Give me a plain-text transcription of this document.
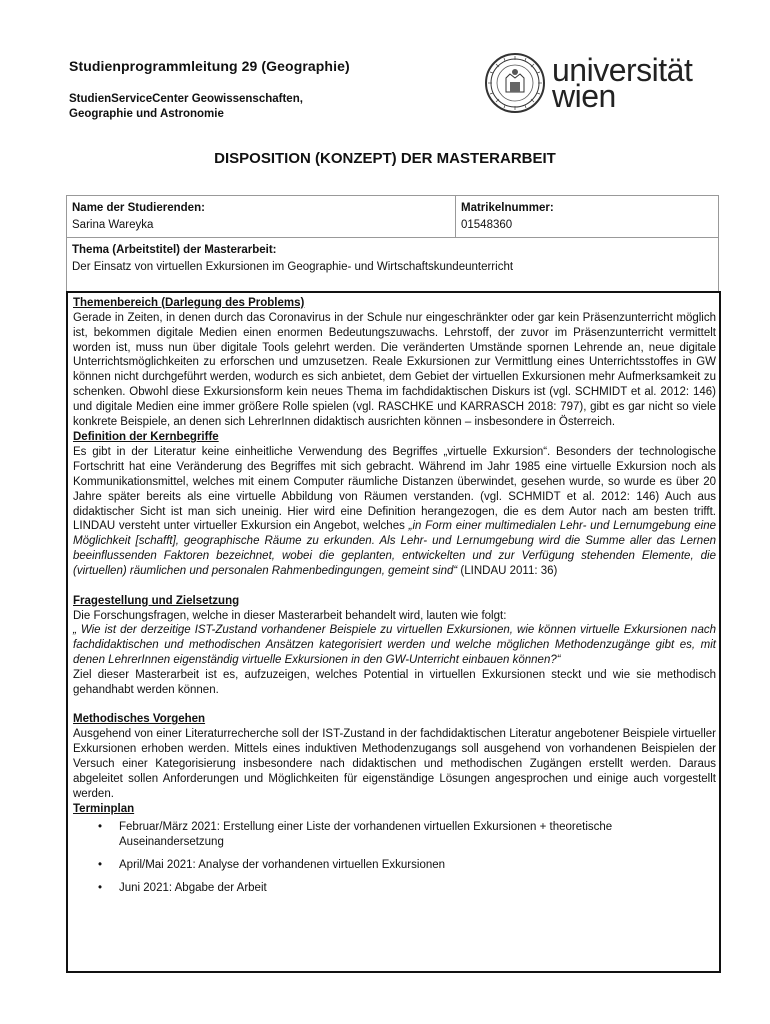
Studienprogrammleitung 29 (Geographie)
StudienServiceCenter Geowissenschaften,
Geographie und Astronomie
universität
wien
DISPOSITION (KONZEPT) DER MASTERARBEIT
Name der Studierenden:
Sarina Wareyka
Matrikelnummer:
01548360
Thema (Arbeitstitel) der Masterarbeit:
Der Einsatz von virtuellen Exkursionen im Geographie- und Wirtschaftskundeunterricht
Themenbereich (Darlegung des Problems)

Gerade in Zeiten, in denen durch das Coronavirus in der Schule nur eingeschränkter oder gar kein Präsenzunterricht möglich ist, bekommen digitale Medien einen enormen Bedeutungszuwachs. Lehrstoff, der zuvor im Präsenzunterricht vermittelt worden ist, muss nun über digitale Tools gelehrt werden. Die veränderten Umstände spornen Lehrende an, neue digitale Unterrichtsmöglichkeiten zu erforschen und umzusetzen. Reale Exkursionen zur Vermittlung eines Unterrichtsstoffes in GW können nicht durchgeführt werden, wodurch es sich anbietet, dem Gebiet der virtuellen Exkursionen mehr Aufmerksamkeit zu schenken. Obwohl diese Exkursionsform kein neues Thema im fachdidaktischen Diskurs ist (vgl. SCHMIDT et al. 2012: 146) und digitale Medien eine immer größere Rolle spielen (vgl. RASCHKE und KARRASCH 2018: 797), gibt es gar nicht so viele konkrete Beispiele, an denen sich LehrerInnen didaktisch ausrichten können – insbesondere in Österreich.

Definition der Kernbegriffe

Es gibt in der Literatur keine einheitliche Verwendung des Begriffes „virtuelle Exkursion“. Besonders der technologische Fortschritt hat eine Veränderung des Begriffes mit sich gebracht. Während im Jahr 1985 eine virtuelle Exkursion noch als Kommunikationsmittel, welches mit einem Computer räumliche Distanzen überwindet, gesehen wurde, so wurde es über 20 Jahre später bereits als eine virtuelle Abbildung von Räumen verstanden. (vgl. SCHMIDT et al. 2012: 146) Auch aus didaktischer Sicht ist man sich uneinig. Hier wird eine Definition herangezogen, die es dem Autor nach am besten trifft. LINDAU versteht unter virtueller Exkursion ein Angebot, welches „in Form einer multimedialen Lehr- und Lernumgebung eine Möglichkeit [schafft], geographische Räume zu erkunden. Als Lehr- und Lernumgebung wird die Summe aller das Lernen beeinflussenden Faktoren bezeichnet, wobei die geplanten, entwickelten und zur Verfügung stehenden Elemente, die (virtuellen) räumlichen und personalen Rahmenbedingungen, gemeint sind“ (LINDAU 2011: 36)

Fragestellung und Zielsetzung

Die Forschungsfragen, welche in dieser Masterarbeit behandelt wird, lauten wie folgt:

„ Wie ist der derzeitige IST-Zustand vorhandener Beispiele zu virtuellen Exkursionen, wie können virtuelle Exkursionen nach fachdidaktischen und methodischen Ansätzen kategorisiert werden und welche möglichen Methodenzugänge gibt es, mit denen LehrerInnen eigenständig virtuelle Exkursionen in den GW-Unterricht einbauen können?“

Ziel dieser Masterarbeit ist es, aufzuzeigen, welches Potential in virtuellen Exkursionen steckt und wie sie methodisch gehandhabt werden können.

Methodisches Vorgehen

Ausgehend von einer Literaturrecherche soll der IST-Zustand in der fachdidaktischen Literatur angebotener Beispiele virtueller Exkursionen erhoben werden. Mittels eines induktiven Methodenzugangs soll ausgehend von vorhandenen Beispielen der Versuch einer Kategorisierung insbesondere nach didaktischen und methodischen Zugängen erstellt werden. Daraus abgeleitet sollen Anforderungen und Möglichkeiten für eigenständige Lösungen angesprochen und einige auch vorgestellt werden.

Terminplan
• Februar/März 2021: Erstellung einer Liste der vorhandenen virtuellen Exkursionen + theoretische Auseinandersetzung
• April/Mai 2021: Analyse der vorhandenen virtuellen Exkursionen
• Juni 2021: Abgabe der Arbeit
